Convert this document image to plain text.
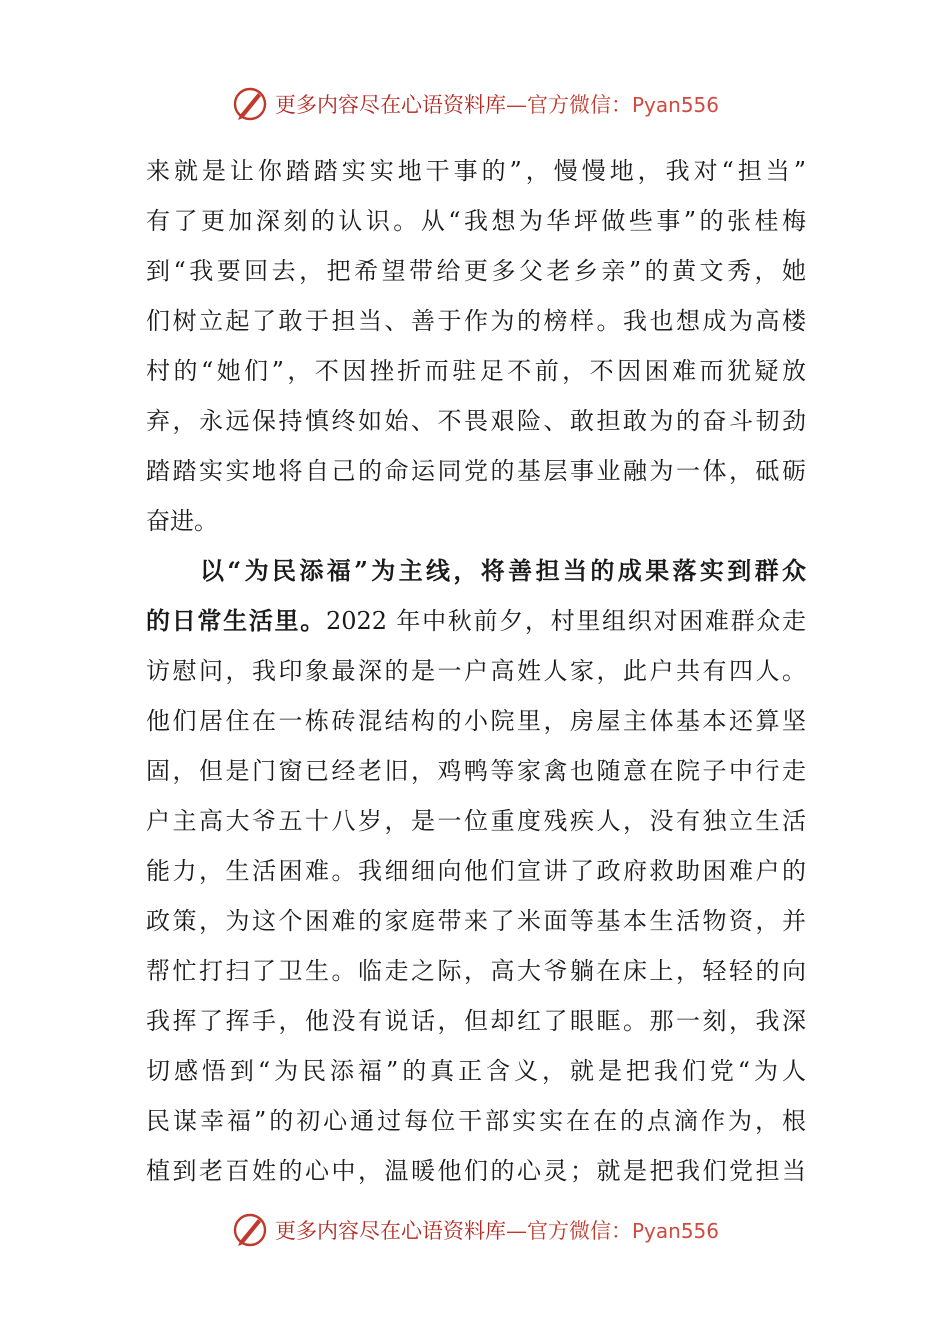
更多内容尽在心语资料库—官方微信：Pyan556
来就是让你踏踏实实地干事的”，慢慢地，我对“担当”
有了更加深刻的认识。从“我想为华坪做些事”的张桂梅
到“我要回去，把希望带给更多父老乡亲”的黄文秀，她
们树立起了敢于担当、善于作为的榜样。我也想成为高楼
村的“她们”，不因挫折而驻足不前，不因困难而犹疑放
弃，永远保持慎终如始、不畏艰险、敢担敢为的奋斗韧劲
踏踏实实地将自己的命运同党的基层事业融为一体，砥砺
奋进。
以“为民添福”为主线，将善担当的成果落实到群众
的日常生活里。2022 年中秋前夕，村里组织对困难群众走
访慰问，我印象最深的是一户高姓人家，此户共有四人。
他们居住在一栋砖混结构的小院里，房屋主体基本还算坚
固，但是门窗已经老旧，鸡鸭等家禽也随意在院子中行走
户主高大爷五十八岁，是一位重度残疾人，没有独立生活
能力，生活困难。我细细向他们宣讲了政府救助困难户的
政策，为这个困难的家庭带来了米面等基本生活物资，并
帮忙打扫了卫生。临走之际，高大爷躺在床上，轻轻的向
我挥了挥手，他没有说话，但却红了眼眶。那一刻，我深
切感悟到“为民添福”的真正含义，就是把我们党“为人
民谋幸福”的初心通过每位干部实实在在的点滴作为，根
植到老百姓的心中，温暖他们的心灵；就是把我们党担当
更多内容尽在心语资料库—官方微信：Pyan556
